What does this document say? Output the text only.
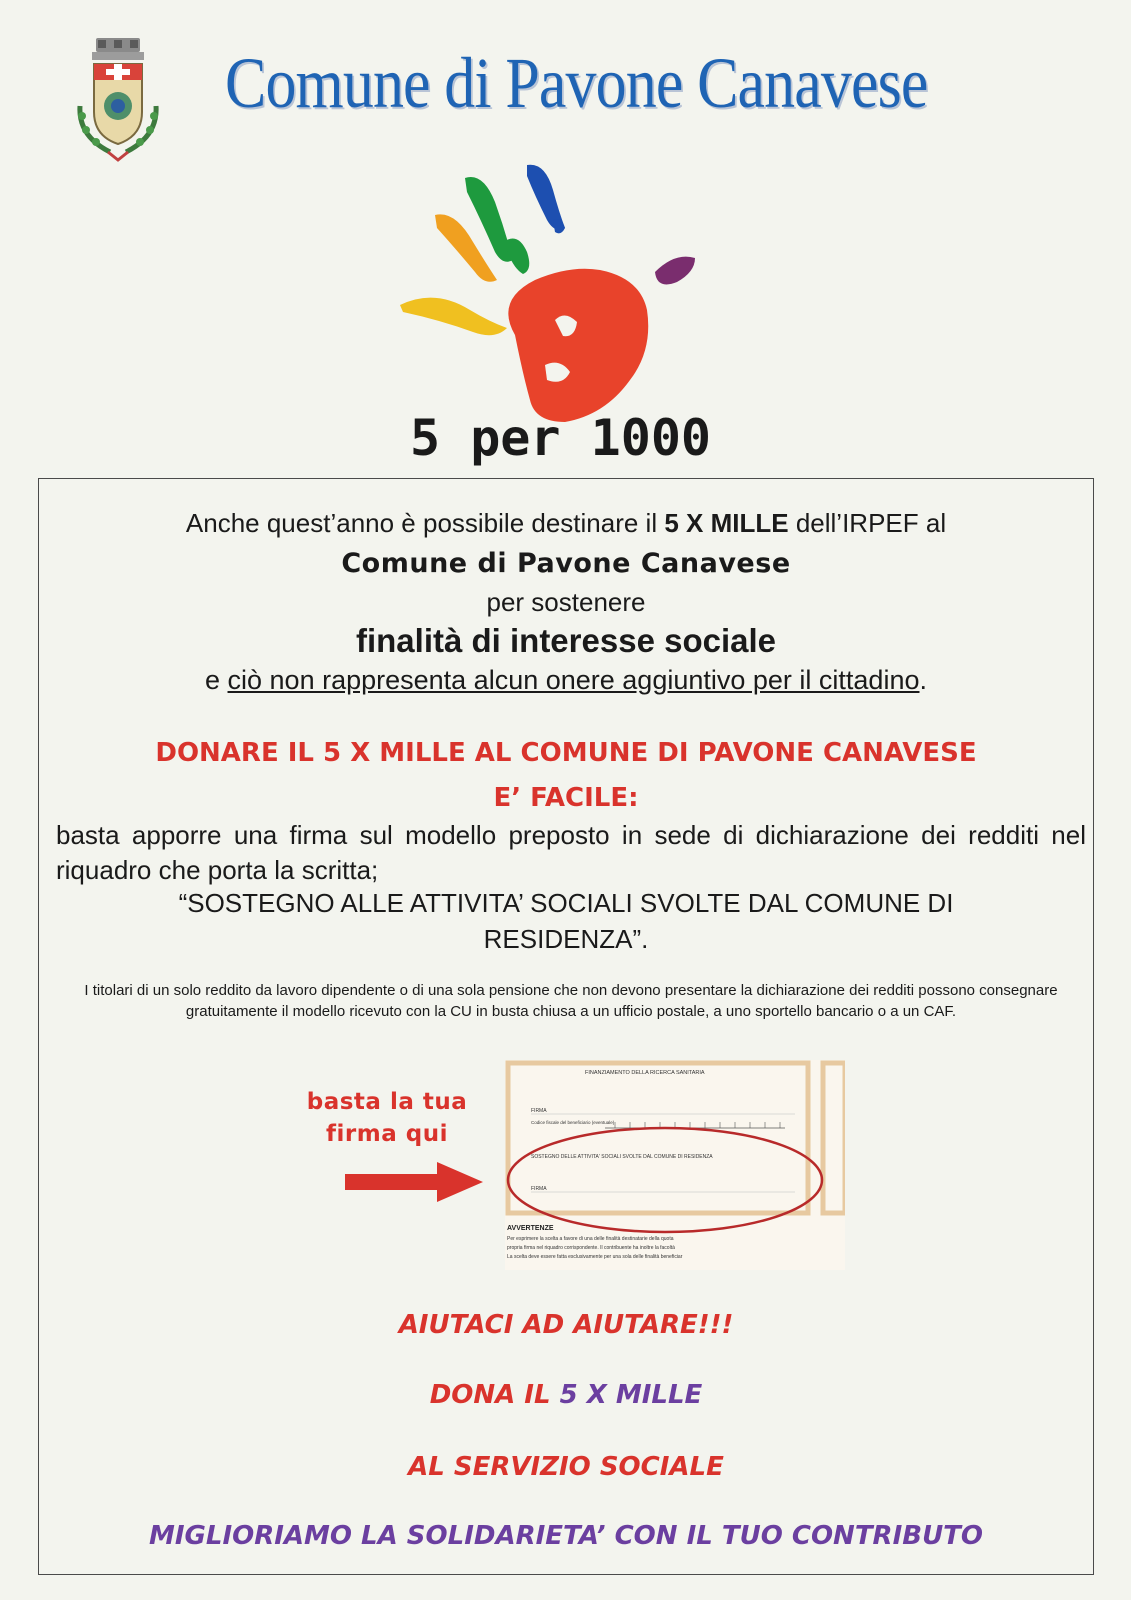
Comune di Pavone Canavese
5 per 1000
Anche quest’anno è possibile destinare il 5 X MILLE dell’IRPEF al
Comune di Pavone Canavese
per sostenere
finalità di interesse sociale
e ciò non rappresenta alcun onere aggiuntivo per il cittadino.
DONARE IL 5 X MILLE AL COMUNE DI PAVONE CANAVESE
E’ FACILE:
basta apporre una firma sul modello preposto in sede di dichiarazione dei redditi nel riquadro che porta la scritta;
“SOSTEGNO ALLE ATTIVITA’ SOCIALI SVOLTE DAL COMUNE DI
RESIDENZA”.
I titolari di un solo reddito da lavoro dipendente o di una sola pensione che non devono presentare la dichiarazione dei redditi possono consegnare gratuitamente il modello ricevuto con la CU in busta chiusa a un ufficio postale, a uno sportello bancario o a un CAF.
basta la tua
firma qui
FINANZIAMENTO DELLA RICERCA SANITARIA
FIRMA
Codice fiscale del beneficiario (eventuale)
SOSTEGNO DELLE ATTIVITA' SOCIALI SVOLTE DAL COMUNE DI RESIDENZA
FIRMA
AVVERTENZE
Per esprimere la scelta a favore di una delle finalità destinatarie della quota
propria firma nel riquadro corrispondente. Il contribuente ha inoltre la facoltà
La scelta deve essere fatta esclusivamente per una sola delle finalità beneficiar
AIUTACI AD AIUTARE!!!
DONA IL 5 X MILLE
AL SERVIZIO SOCIALE
MIGLIORIAMO LA SOLIDARIETA’ CON IL TUO CONTRIBUTO
